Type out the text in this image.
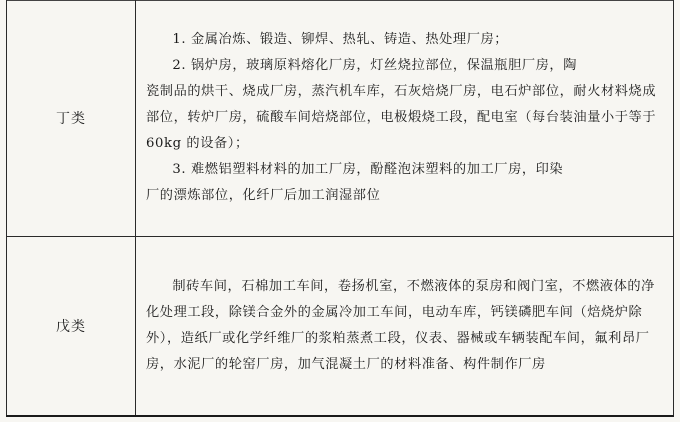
丁类	1. 金属冶炼、锻造、铆焊、热轧、铸造、热处理厂房；

2. 锅炉房，玻璃原料熔化厂房，灯丝烧拉部位，保温瓶胆厂房，陶

瓷制品的烘干、烧成厂房，蒸汽机车库，石灰焙烧厂房，电石炉部位，耐火材料烧成部位，转炉厂房，硫酸车间焙烧部位，电极煅烧工段，配电室（每台装油量小于等于 60kg 的设备）；

3. 难燃铝塑料材料的加工厂房，酚醛泡沫塑料的加工厂房，印染

厂的漂炼部位，化纤厂后加工润湿部位

戊类	制砖车间，石棉加工车间，卷扬机室，不燃液体的泵房和阀门室，不燃液体的净化处理工段，除镁合金外的金属冷加工车间，电动车库，钙镁磷肥车间（焙烧炉除外），造纸厂或化学纤维厂的浆粕蒸煮工段，仪表、器械或车辆装配车间，氟利昂厂房，水泥厂的轮窑厂房，加气混凝土厂的材料准备、构件制作厂房
